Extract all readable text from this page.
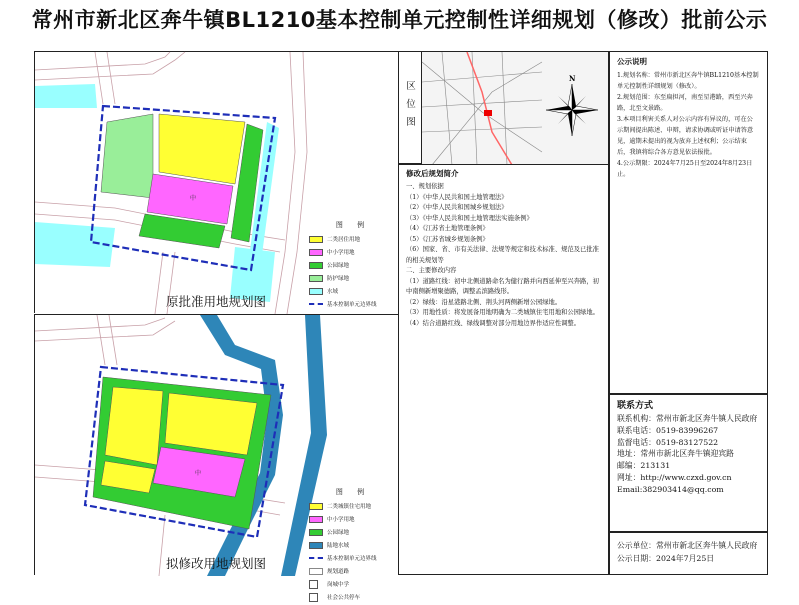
常州市新北区奔牛镇BL1210基本控制单元控制性详细规划（修改）批前公示
中
图 例
二类居住用地
中小学用地
公园绿地
防护绿地
水域
基本控制单元边界线
原批准用地规划图
中
图 例
二类城镇住宅用地
中小学用地
公园绿地
陆地水域
基本控制单元边界线
规划道路
岗城中学
社会公共停车
拟修改用地规划图
区
位
图
N
修改后规划简介
一、规划依据
（1）《中华人民共和国土地管理法》
（2）《中华人民共和国城乡规划法》
（3）《中华人民共和国土地管理法实施条例》
（4）《江苏省土地管理条例》
（5）《江苏省城乡规划条例》
（6）国家、省、市有关法律、法规等规定和技术标准、规范及已批准
的相关规划等
二、主要修改内容
（1）道路红线：初中北侧道路命名为健行路并向西延伸至兴奔路，初
中南侧新增聚德路，调整孟滨路线形。
（2）绿线：沿星港路北侧、荆头河两侧新增公园绿地。
（3）用地性质：将发展备用地明确为二类城镇住宅用地和公园绿地。
（4）结合道路红线、绿线调整对部分用地边界作适应性调整。
公示说明
1.规划名称：常州市新北区奔牛镇BL1210基本控制
单元控制性详细规划（修改）。
2.规划范围：东至扁担河，南至星港路，西至兴奔
路，北至文景路。
3.本项目利害关系人对公示内容有异议的，可在公
示期间提出陈述、申辩，请求协调或听证申请答意
见，逾期未提出的视为放弃上述权利；公示结束
后，我镇将综合各方意见依法报批。
4.公示期限：2024年7月25日至2024年8月23日止。
联系方式
联系机构：常州市新北区奔牛镇人民政府
联系电话：0519-83996267
监督电话：0519-83127522
地址：常州市新北区奔牛镇迎宾路
邮编：213131
网址：http://www.czxd.gov.cn
Email:382903414@qq.com
公示单位：常州市新北区奔牛镇人民政府
公示日期：2024年7月25日
